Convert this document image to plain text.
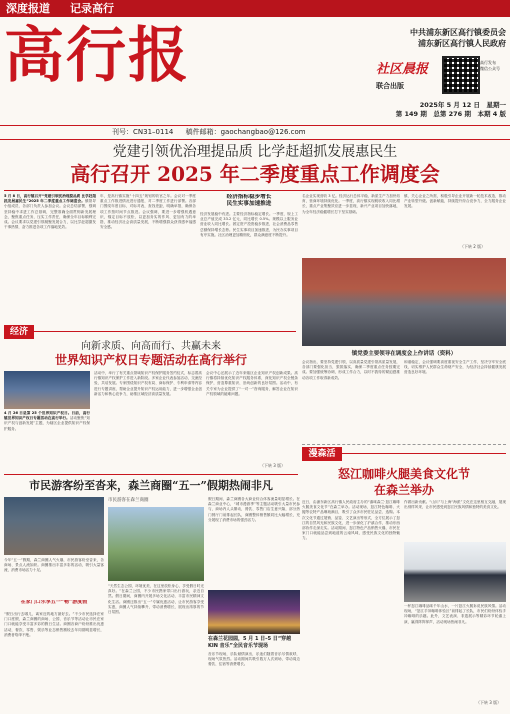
深度报道 记录高行
高行报	中共浦东新区高行镇委员会
浦东新区高行镇人民政府
社区晨报
联合出版
高行发布
微信公众号
2025年 5 月 12 日　星期一
第 149 期　总第 276 期　本期 4 版
刊号：CN31–0114 稿件邮箱：gaochangbao@126.com
党建引领优治理提品质 比学赶超抓发展惠民生
高行召开 2025 年二季度重点工作调度会
5 月 8 日，高行镇召开“党建引领优治理提品质 比学赶超抓发展惠民生”2025 年二季度重点工作调度会。镇领导小组成员、各部门负责人参加会议。会议总结部署，强调坚持稳中求进工作总基调，完整准确全面贯彻新发展理念，聚焦重点任务，压实工作责任，确保全年目标顺利完成。会议要求以党建引领凝聚发展合力，以比学赶超激发干事热情，奋力推进各项工作落地见效。
年，是高行镇实施“十四五”规划的收官之年。会议对一季度重点工作推进情况进行通报，对二季度工作进行部署。各部门围绕年度目标，对标对表，查找差距，明确举措，确保各项工作按时间节点推进。会议强调，要进一步增强机遇意识，锚定目标不放松，以更加务实的作风、更加有力的举措，推动经济社会高质量发展，不断增强群众获得感幸福感安全感。
经济指标稳步增长
民生实事加速推进
经济发展稳中有进。主要经济指标稳定增长。一季度，规上工业总产值完成 33.2 亿元，同比增长 0.5%。规模以上服务业营业收入同比增长。固定资产投资稳步推进，社会消费品零售总额保持增长态势。民生实事项目加速推进，为民办实事项目有序实施。社区治理更加精细化，群众满意度不断提升。
名企业实现营收 3 亿。经济运行总体平稳，新质生产力加快培育，营商环境持续优化。一季度，高行镇实现税收收入同比增长，重点产业集聚效应进一步显现，新兴产业项目加快落地，为全年经济稳健增长打下坚实基础。
镇，关心企业之所需，积极引导企业开展新一轮技术改造，推动产业转型升级。创新赋能，持续提升综合竞争力，全力服务企业发展。
（下转 2 版）
镇党委主要领导在调度会上作讲话（资料）
会议指出，要坚持党建引领，以高质量党建引领高质量发展，各部门要强化担当，狠抓落实，确保二季度重点任务按期完成。要加强统筹协调，形成工作合力，以时不我待的紧迫感推动各项工作取得新成效。
和谐稳定，会议强调要高度重视安全生产工作，坚决守牢安全底线，切实维护人民群众生命财产安全，为经济社会持续健康发展营造良好环境。
经济
向新求质、向高而行、共赢未来
世界知识产权日专题活动在高行举行
4 月 26 日是第 25 个世界知识产权日。日前，高行镇世界知识产权日专题活动在高行举行。活动聚焦“知识产权与创新发展”主题，为辖区企业提供知识产权保护服务。
活动中，举行了有关重点领域知识产权保护服务签约仪式，标志着高行镇知识产权保护工作进入新阶段。多家企业代表参加活动，交流经验，共话发展。专家围绕知识产权布局、商标保护、专利申请等内容进行专题讲座，帮助企业提升知识产权运用能力，进一步增强企业创新活力和核心竞争力，助推区域经济高质量发展。
会议中心还展示了近年来辖区企业知识产权创新成果。高行镇将持续优化知识产权服务体系，深化知识产权全链条保护，营造尊重知识、崇尚创新的良好氛围。活动中，有关专家为企业提供了“一对一”咨询服务，解答企业在知识产权领域的疑难问题。
（下转 3 版）
市民游客纷至沓来，森兰商圈“五一”假期热闹非凡
市民游客在森兰商圈
今年“五一”假期，森兰商圈人气火爆，市民游客纷至沓来，各商场、景点人流如织。商圈推出丰富多彩的活动，吸引大量客流，消费市场活力十足。
在家门口乐享五一“畅”游度假
“假日出行去哪儿，离家近的地方最好去。”不少市民选择在家门口度假，森兰商圈的商场、公园、音乐节等活动让市民在家门口就能享受丰富多彩的假日生活。商圈各商户纷纷推出优惠活动，餐饮、零售、娱乐等业态销售额较去年同期明显增长，消费者络绎不绝。
“天然生态公园，环境优美，在这里放松身心，享受假日时光真好。”在森兰公园，不少市民携家带口出行游玩，亲近自然。假日期间，商圈内开展多场文化活动，丰富市民精神文化生活。商圈还推出“五一”专属优惠活动，让市民游客享受实惠，商圈人气持续攀升，带动消费增长，展现出浓厚的节日氛围。
假日期间，森兰商圈各大商业综合体客流量明显增长。在森兰商业中心，“城市漫游季”等主题活动吸引大量市民参与，商场内人头攒动，餐饮、零售门店生意兴隆，部分热门餐厅门前排起长队，商圈整体销售额同比大幅增长，充分展现了消费市场的强劲活力。
在森兰花园圆，5 月 1 日–5 日“穿越 KIN 音乐”全民音乐节现场
音乐节现场，乐队倾情演出，乐迷们随着音乐尽情欢呼，现场气氛热烈。活动期间共吸引数万人次到场，带动周边餐饮、住宿等消费增长。
漫森活
怒江咖啡火腿美食文化节
在森兰举办
近日，由浦东新区高行镇人民政府主办的“滇味森兰·怒江咖啡火腿美食文化节”在森兰举办。活动现场，怒江特色咖啡、火腿等农特产品琳琅满目，吸引了众多市民驻足品尝、选购。本次文化节通过展销、品鉴、文艺演出等形式，全方位展示了怒江的自然风光和民族文化，进一步深化了沪滇合作，推动东西部协作走深走实。活动期间，怒江特色产品销售火爆，市民在家门口就能品尝到地道的云南风味，感受民族文化的独特魅力。
作做出新贡献。“山川”与上海“海派”文化在这里相互交融，展现出别样风采，让市民感受到怒江民族风情和独特的美食文化。
一杯怒江咖啡品味千年山水，一片怒江火腿诉说民族风情。活动现场，“怒江手冲咖啡体验区”前排起了长队，市民们纷纷体验手冲咖啡的乐趣。此外，文艺表演、非遗展示等精彩环节轮番上演，赢得阵阵掌声，活动现场热闹非凡。
（下转 3 版）
